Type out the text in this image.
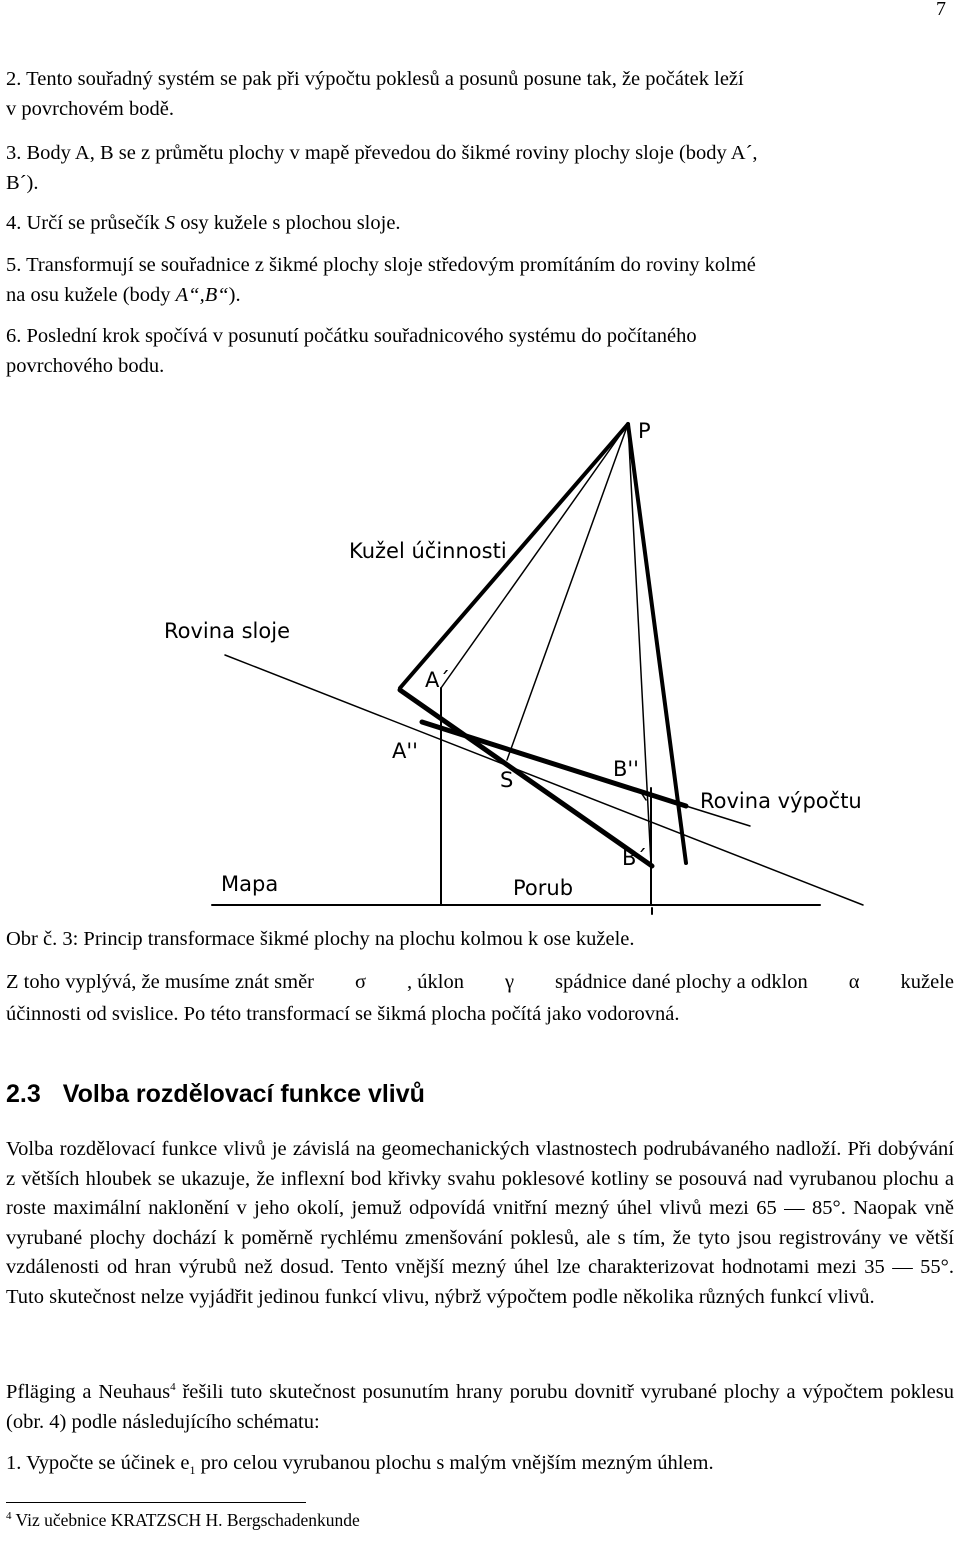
7
2. Tento souřadný systém se pak při výpočtu poklesů a posunů posune tak, že počátek leží
v povrchovém bodě.
3. Body A, B se z průmětu plochy v mapě převedou do šikmé roviny plochy sloje (body A´,
B´).
4. Určí se průsečík S osy kužele s plochou sloje.
5. Transformují se souřadnice z šikmé plochy sloje středovým promítáním do roviny kolmé
na osu kužele (body A“,B“).
6. Poslední krok spočívá v posunutí počátku souřadnicového systému do počítaného
povrchového bodu.
P
Kužel účinnosti
Rovina sloje
A´
A''
S	B''
Rovina výpočtu
B´
Mapa	Porub
Obr č. 3: Princip transformace šikmé plochy na plochu kolmou k ose kužele.
Z toho vyplývá, že musíme znát směr σ , úklon γ spádnice dané plochy a odklon α kužele
účinnosti od svislice. Po této transformací se šikmá plocha počítá jako vodorovná.
2.3 Volba rozdělovací funkce vlivů

Volba rozdělovací funkce vlivů je závislá na geomechanických vlastnostech podrubávaného nadloží. Při dobývání z větších hloubek se ukazuje, že inflexní bod křivky svahu poklesové kotliny se posouvá nad vyrubanou plochu a roste maximální naklonění v jeho okolí, jemuž odpovídá vnitřní mezný úhel vlivů mezi 65 — 85°. Naopak vně vyrubané plochy dochází k poměrně rychlému zmenšování poklesů, ale s tím, že tyto jsou registrovány ve větší vzdálenosti od hran výrubů než dosud. Tento vnější mezný úhel lze charakterizovat hodnotami mezi 35 — 55°. Tuto skutečnost nelze vyjádřit jedinou funkcí vlivu, nýbrž výpočtem podle několika různých funkcí vlivů.

Pfläging a Neuhaus$^4$ řešili tuto skutečnost posunutím hrany porubu dovnitř vyrubané plochy a výpočtem poklesu (obr. 4) podle následujícího schématu:

1. Vypočte se účinek $e_1$ pro celou vyrubanou plochu s malým vnějším mezným úhlem.
$^4$ Viz učebnice KRATZSCH H. Bergschadenkunde
